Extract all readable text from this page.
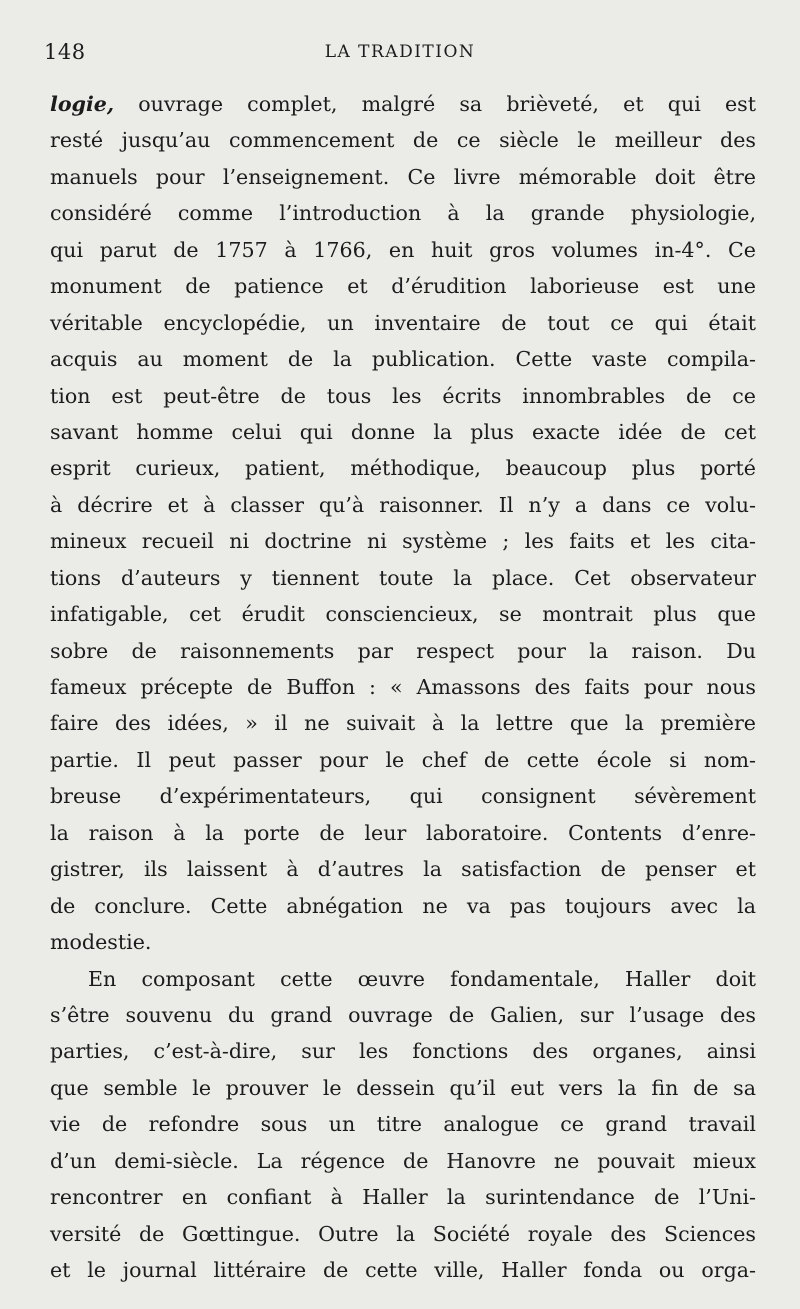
148	LA TRADITION
logie, ouvrage complet, malgré sa brièveté, et qui est
resté jusqu’au commencement de ce siècle le meilleur des
manuels pour l’enseignement. Ce livre mémorable doit être
considéré comme l’introduction à la grande physiologie,
qui parut de 1757 à 1766, en huit gros volumes in-4°. Ce
monument de patience et d’érudition laborieuse est une
véritable encyclopédie, un inventaire de tout ce qui était
acquis au moment de la publication. Cette vaste compila-
tion est peut-être de tous les écrits innombrables de ce
savant homme celui qui donne la plus exacte idée de cet
esprit curieux, patient, méthodique, beaucoup plus porté
à décrire et à classer qu’à raisonner. Il n’y a dans ce volu-
mineux recueil ni doctrine ni système ; les faits et les cita-
tions d’auteurs y tiennent toute la place. Cet observateur
infatigable, cet érudit consciencieux, se montrait plus que
sobre de raisonnements par respect pour la raison. Du
fameux précepte de Buffon : « Amassons des faits pour nous
faire des idées, » il ne suivait à la lettre que la première
partie. Il peut passer pour le chef de cette école si nom-
breuse d’expérimentateurs, qui consignent sévèrement
la raison à la porte de leur laboratoire. Contents d’enre-
gistrer, ils laissent à d’autres la satisfaction de penser et
de conclure. Cette abnégation ne va pas toujours avec la
modestie.
En composant cette œuvre fondamentale, Haller doit
s’être souvenu du grand ouvrage de Galien, sur l’usage des
parties, c’est-à-dire, sur les fonctions des organes, ainsi
que semble le prouver le dessein qu’il eut vers la fin de sa
vie de refondre sous un titre analogue ce grand travail
d’un demi-siècle. La régence de Hanovre ne pouvait mieux
rencontrer en confiant à Haller la surintendance de l’Uni-
versité de Gœttingue. Outre la Société royale des Sciences
et le journal littéraire de cette ville, Haller fonda ou orga-
